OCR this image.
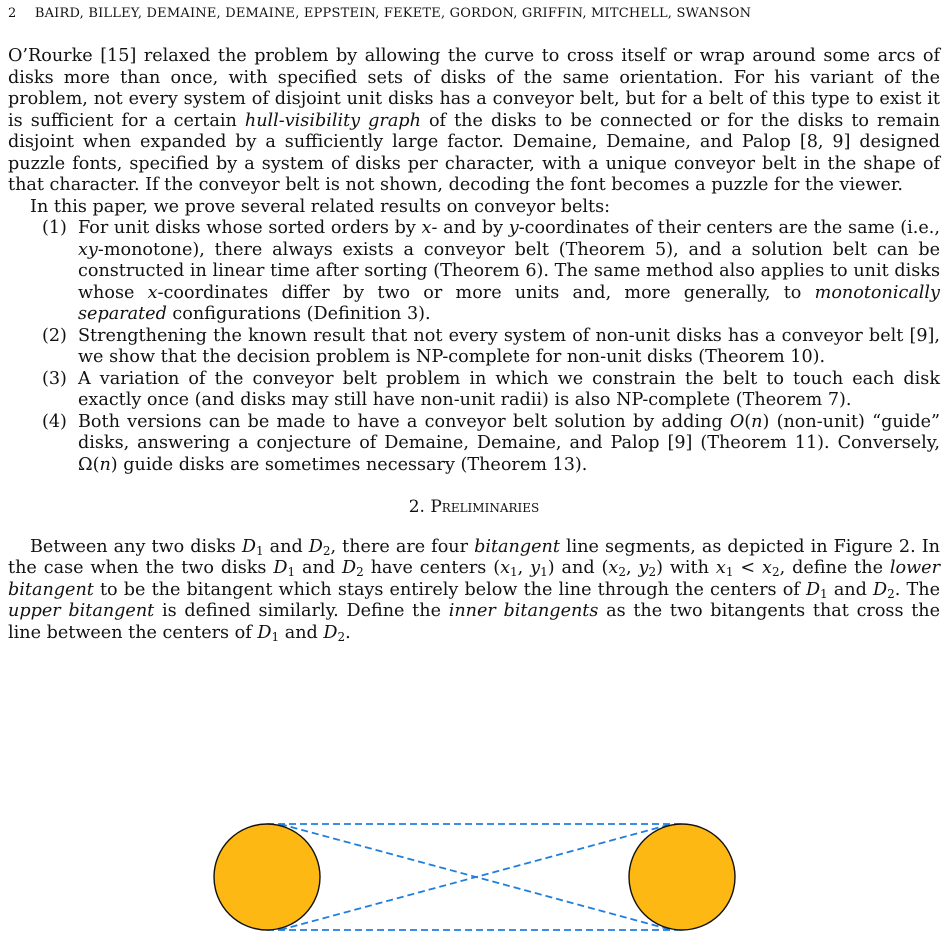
2 BAIRD, BILLEY, DEMAINE, DEMAINE, EPPSTEIN, FEKETE, GORDON, GRIFFIN, MITCHELL, SWANSON

O’Rourke [15] relaxed the problem by allowing the curve to cross itself or wrap around some arcs of disks more than once, with specified sets of disks of the same orientation. For his variant of the problem, not every system of disjoint unit disks has a conveyor belt, but for a belt of this type to exist it is sufficient for a certain hull-visibility graph of the disks to be connected or for the disks to remain disjoint when expanded by a sufficiently large factor. Demaine, Demaine, and Palop [8, 9] designed puzzle fonts, specified by a system of disks per character, with a unique conveyor belt in the shape of that character. If the conveyor belt is not shown, decoding the font becomes a puzzle for the viewer.

In this paper, we prove several related results on conveyor belts:

(1) For unit disks whose sorted orders by x- and by y-coordinates of their centers are the same (i.e., xy-monotone), there always exists a conveyor belt (Theorem 5), and a solution belt can be constructed in linear time after sorting (Theorem 6). The same method also applies to unit disks whose x-coordinates differ by two or more units and, more generally, to monotonically separated configurations (Definition 3).
(2) Strengthening the known result that not every system of non-unit disks has a conveyor belt [9], we show that the decision problem is NP-complete for non-unit disks (Theorem 10).
(3) A variation of the conveyor belt problem in which we constrain the belt to touch each disk exactly once (and disks may still have non-unit radii) is also NP-complete (Theorem 7).
(4) Both versions can be made to have a conveyor belt solution by adding O(n) (non-unit) “guide” disks, answering a conjecture of Demaine, Demaine, and Palop [9] (Theorem 11). Conversely, Ω(n) guide disks are sometimes necessary (Theorem 13).
2. Preliminaries

Between any two disks $D_1$ and $D_2$, there are four bitangent line segments, as depicted in Figure 2. In the case when the two disks $D_1$ and $D_2$ have centers ($x_1$, $y_1$) and ($x_2$, $y_2$) with $x_1 < x_2$, define the lower bitangent to be the bitangent which stays entirely below the line through the centers of $D_1$ and $D_2$. The upper bitangent is defined similarly. Define the inner bitangents as the two bitangents that cross the line between the centers of $D_1$ and $D_2$.
